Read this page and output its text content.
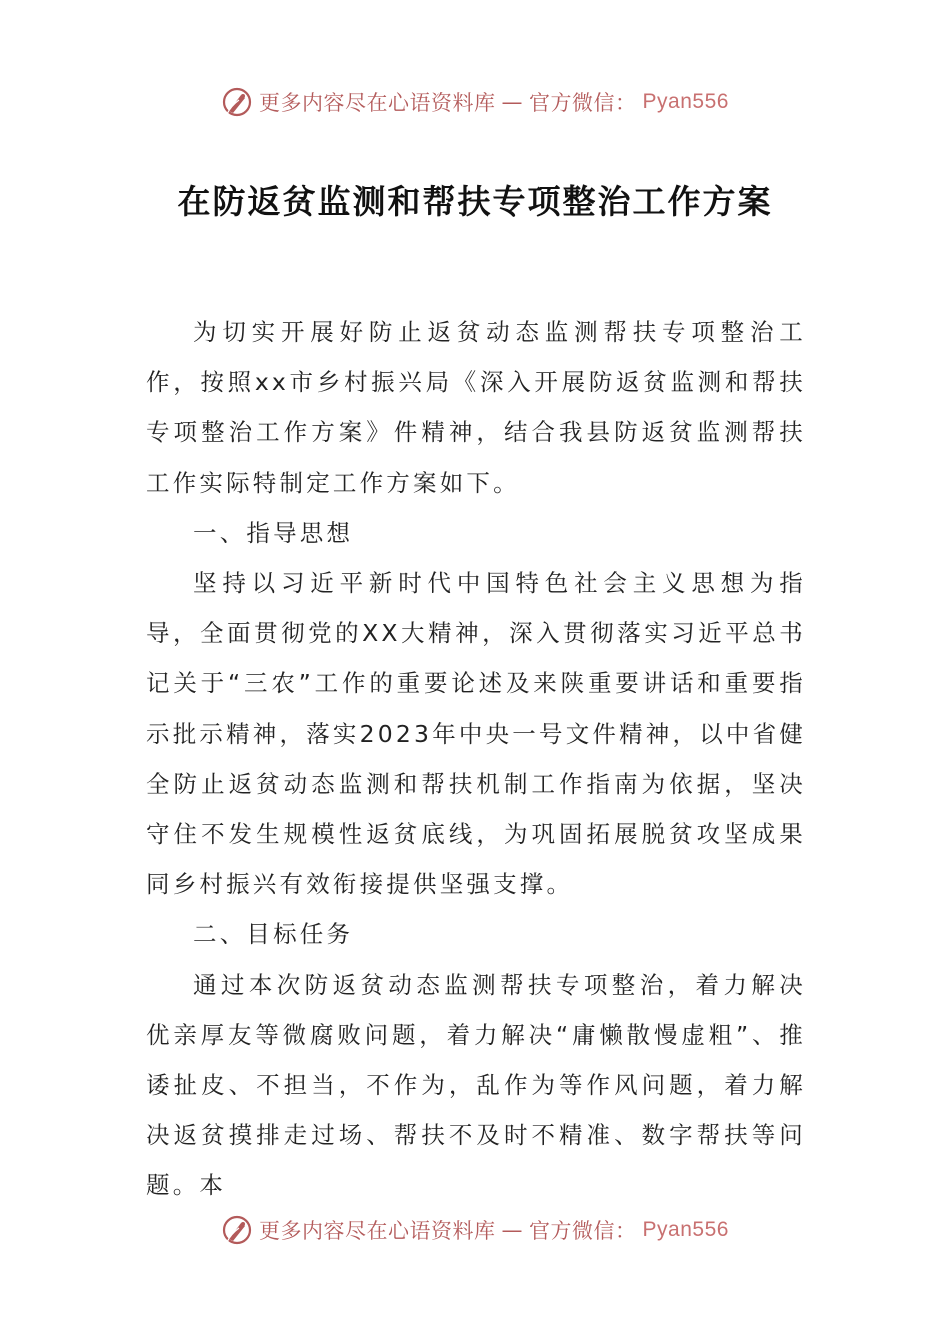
更多内容尽在心语资料库 — 官方微信： Pyan556
在防返贫监测和帮扶专项整治工作方案

为切实开展好防止返贫动态监测帮扶专项整治工作，按照xx市乡村振兴局《深入开展防返贫监测和帮扶专项整治工作方案》件精神，结合我县防返贫监测帮扶工作实际特制定工作方案如下。

一、指导思想

坚持以习近平新时代中国特色社会主义思想为指导，全面贯彻党的XX大精神，深入贯彻落实习近平总书记关于“三农”工作的重要论述及来陕重要讲话和重要指示批示精神，落实2023年中央一号文件精神，以中省健全防止返贫动态监测和帮扶机制工作指南为依据，坚决守住不发生规模性返贫底线，为巩固拓展脱贫攻坚成果同乡村振兴有效衔接提供坚强支撑。

二、目标任务

通过本次防返贫动态监测帮扶专项整治，着力解决优亲厚友等微腐败问题，着力解决“庸懒散慢虚粗”、推诿扯皮、不担当，不作为，乱作为等作风问题，着力解决返贫摸排走过场、帮扶不及时不精准、数字帮扶等问题。本

更多内容尽在心语资料库 — 官方微信： Pyan556
